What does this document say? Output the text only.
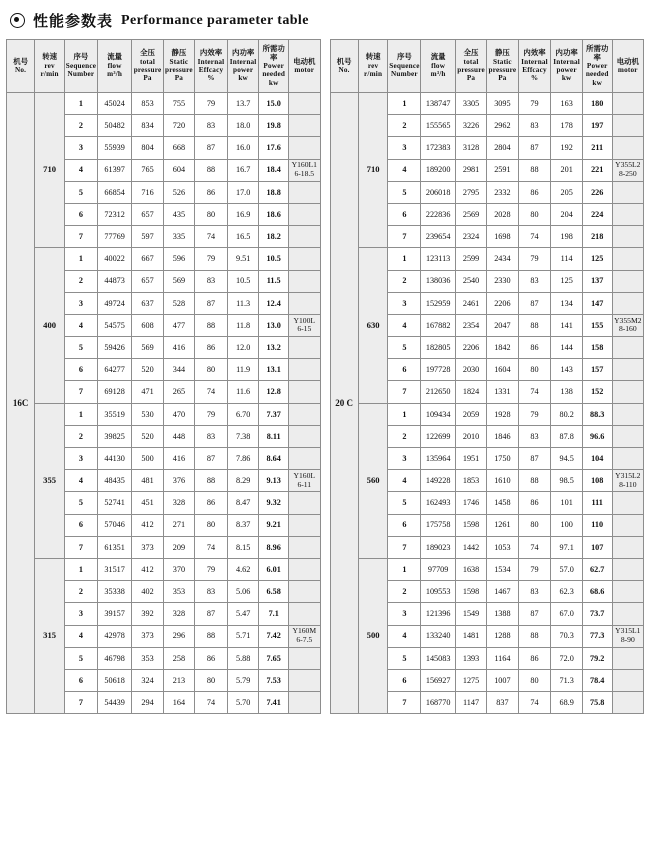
性能参数表 Performance parameter table
机号
No.	转速
rev
r/min	序号
Sequence
Number	流量
flow
m³/h	全压
total
pressure
Pa	静压
Static
pressure
Pa	内效率
Internal
Effcacy
%	内功率
Internal
power
kw	所需功率
Power
needed
kw	电动机
motor

16C	710	1	45024	853	755	79	13.7	15.0	
		2	50482	834	720	83	18.0	19.8	
		3	55939	804	668	87	16.0	17.6	
		4	61397	765	604	88	16.7	18.4	Y160L1
6-18.5
		5	66854	716	526	86	17.0	18.8	
		6	72312	657	435	80	16.9	18.6	
		7	77769	597	335	74	16.5	18.2	
	400	1	40022	667	596	79	9.51	10.5	
		2	44873	657	569	83	10.5	11.5	
		3	49724	637	528	87	11.3	12.4	
		4	54575	608	477	88	11.8	13.0	Y100L
6-15
		5	59426	569	416	86	12.0	13.2	
		6	64277	520	344	80	11.9	13.1	
		7	69128	471	265	74	11.6	12.8	
	355	1	35519	530	470	79	6.70	7.37	
		2	39825	520	448	83	7.38	8.11	
		3	44130	500	416	87	7.86	8.64	
		4	48435	481	376	88	8.29	9.13	Y160L
6-11
		5	52741	451	328	86	8.47	9.32	
		6	57046	412	271	80	8.37	9.21	
		7	61351	373	209	74	8.15	8.96	
	315	1	31517	412	370	79	4.62	6.01	
		2	35338	402	353	83	5.06	6.58	
		3	39157	392	328	87	5.47	7.1	
		4	42978	373	296	88	5.71	7.42	Y160M
6-7.5
		5	46798	353	258	86	5.88	7.65	
		6	50618	324	213	80	5.79	7.53	
		7	54439	294	164	74	5.70	7.41	
机号
No.	转速
rev
r/min	序号
Sequence
Number	流量
flow
m³/h	全压
total
pressure
Pa	静压
Static
pressure
Pa	内效率
Internal
Effcacy
%	内功率
Internal
power
kw	所需功率
Power
needed
kw	电动机
motor

20 C	710	1	138747	3305	3095	79	163	180	
		2	155565	3226	2962	83	178	197	
		3	172383	3128	2804	87	192	211	
		4	189200	2981	2591	88	201	221	Y355L2
8-250
		5	206018	2795	2332	86	205	226	
		6	222836	2569	2028	80	204	224	
		7	239654	2324	1698	74	198	218	
	630	1	123113	2599	2434	79	114	125	
		2	138036	2540	2330	83	125	137	
		3	152959	2461	2206	87	134	147	
		4	167882	2354	2047	88	141	155	Y355M2
8-160
		5	182805	2206	1842	86	144	158	
		6	197728	2030	1604	80	143	157	
		7	212650	1824	1331	74	138	152	
	560	1	109434	2059	1928	79	80.2	88.3	
		2	122699	2010	1846	83	87.8	96.6	
		3	135964	1951	1750	87	94.5	104	
		4	149228	1853	1610	88	98.5	108	Y315L2
8-110
		5	162493	1746	1458	86	101	111	
		6	175758	1598	1261	80	100	110	
		7	189023	1442	1053	74	97.1	107	
	500	1	97709	1638	1534	79	57.0	62.7	
		2	109553	1598	1467	83	62.3	68.6	
		3	121396	1549	1388	87	67.0	73.7	
		4	133240	1481	1288	88	70.3	77.3	Y315L1
8-90
		5	145083	1393	1164	86	72.0	79.2	
		6	156927	1275	1007	80	71.3	78.4	
		7	168770	1147	837	74	68.9	75.8	
